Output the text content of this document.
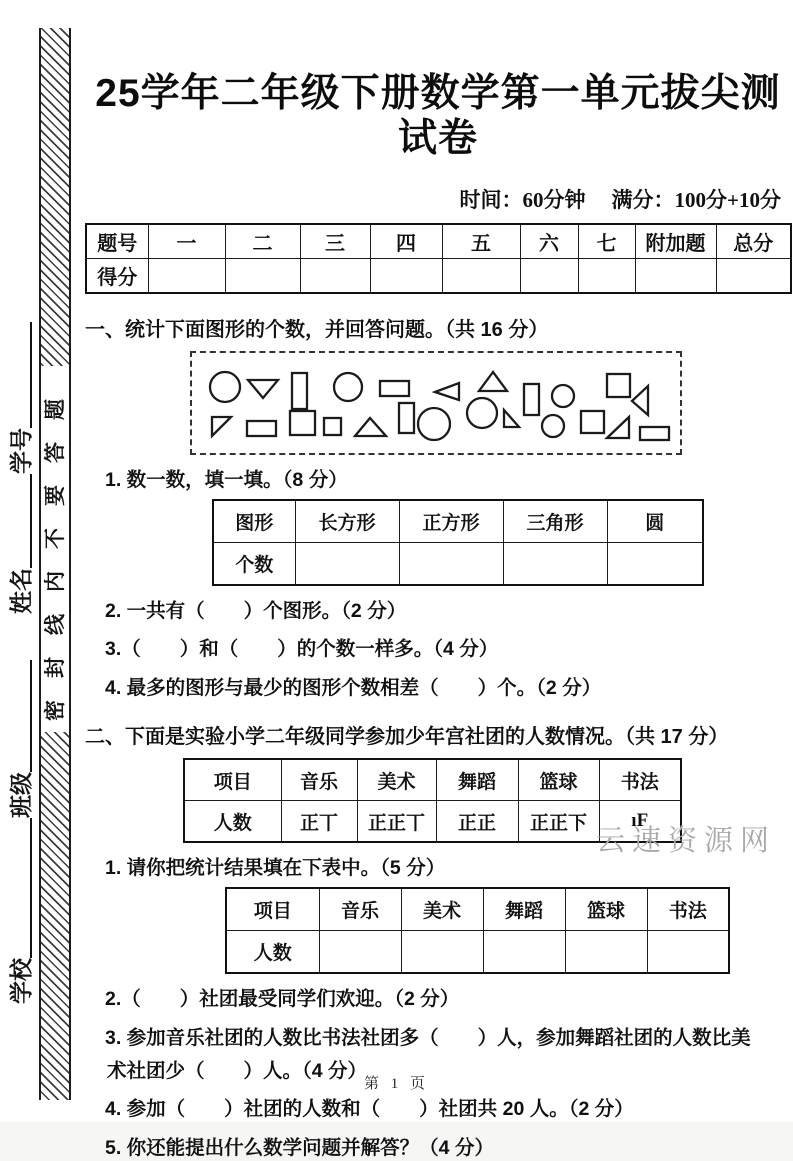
学校
班级
姓名
学号 密封线内不要答题
25学年二年级下册数学第一单元拔尖测试卷
时间：60分钟 满分：100分+10分
题号	一	二	三	四	五	六	七	附加题	总分
得分									
一、统计下面图形的个数，并回答问题。（共 16 分）
1. 数一数，填一填。（8 分）
图形	长方形	正方形	三角形	圆
个数				
2. 一共有（　　）个图形。（2 分）
3.（　　）和（　　）的个数一样多。（4 分）
4. 最多的图形与最少的图形个数相差（　　）个。（2 分）
二、下面是实验小学二年级同学参加少年宫社团的人数情况。（共 17 分）
项目	音乐	美术	舞蹈	篮球	书法
人数	正丅	正正丅	正正	正正下	ıF
1. 请你把统计结果填在下表中。（5 分）
项目	音乐	美术	舞蹈	篮球	书法
人数					
2.（　　）社团最受同学们欢迎。（2 分）
3. 参加音乐社团的人数比书法社团多（　　）人，参加舞蹈社团的人数比美
术社团少（　　）人。（4 分）
4. 参加（　　）社团的人数和（　　）社团共 20 人。（2 分）
5. 你还能提出什么数学问题并解答？（4 分）
云速资源网
第 1 页
